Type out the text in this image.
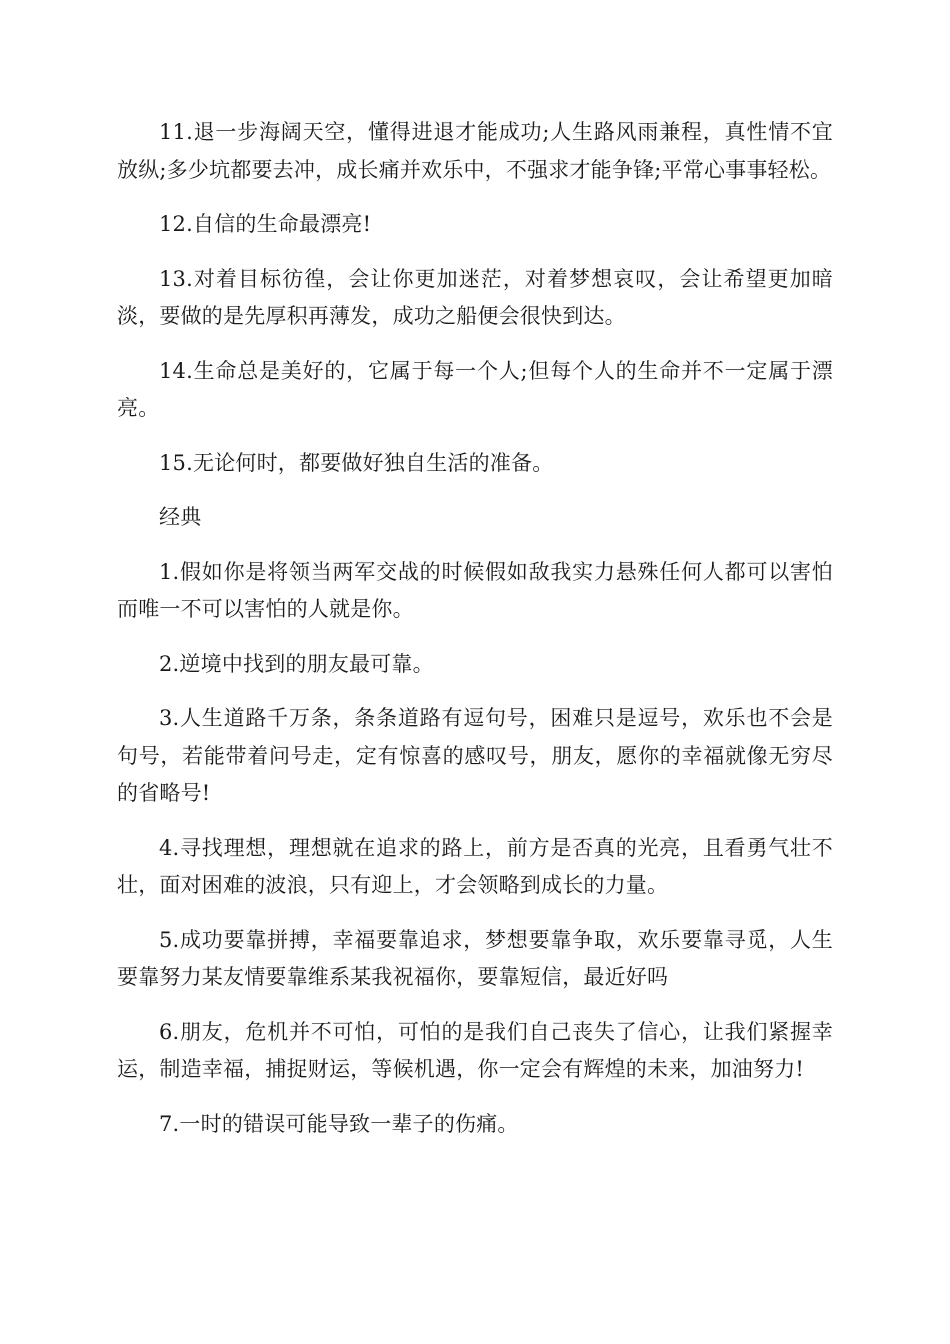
11.退一步海阔天空，懂得进退才能成功;人生路风雨兼程，真性情不宜放纵;多少坑都要去冲，成长痛并欢乐中，不强求才能争锋;平常心事事轻松。

12.自信的生命最漂亮!

13.对着目标彷徨，会让你更加迷茫，对着梦想哀叹，会让希望更加暗淡，要做的是先厚积再薄发，成功之船便会很快到达。

14.生命总是美好的，它属于每一个人;但每个人的生命并不一定属于漂亮。

15.无论何时，都要做好独自生活的准备。

经典

1.假如你是将领当两军交战的时候假如敌我实力悬殊任何人都可以害怕而唯一不可以害怕的人就是你。

2.逆境中找到的朋友最可靠。

3.人生道路千万条，条条道路有逗句号，困难只是逗号，欢乐也不会是句号，若能带着问号走，定有惊喜的感叹号，朋友，愿你的幸福就像无穷尽的省略号!

4.寻找理想，理想就在追求的路上，前方是否真的光亮，且看勇气壮不壮，面对困难的波浪，只有迎上，才会领略到成长的力量。

5.成功要靠拼搏，幸福要靠追求，梦想要靠争取，欢乐要靠寻觅，人生要靠努力某友情要靠维系某我祝福你，要靠短信，最近好吗

6.朋友，危机并不可怕，可怕的是我们自己丧失了信心，让我们紧握幸运，制造幸福，捕捉财运，等候机遇，你一定会有辉煌的未来，加油努力!

7.一时的错误可能导致一辈子的伤痛。
